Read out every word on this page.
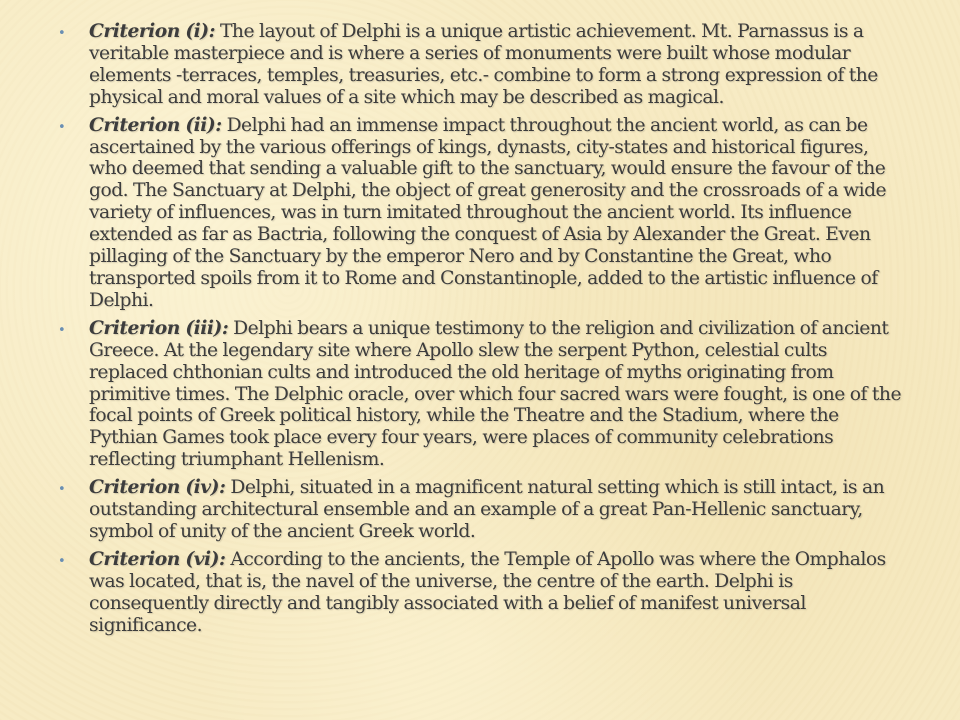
• Criterion (i): The layout of Delphi is a unique artistic achievement. Mt. Parnassus is a veritable masterpiece and is where a series of monuments were built whose modular elements -terraces, temples, treasuries, etc.- combine to form a strong expression of the physical and moral values of a site which may be described as magical.
• Criterion (ii): Delphi had an immense impact throughout the ancient world, as can be ascertained by the various offerings of kings, dynasts, city-states and historical figures, who deemed that sending a valuable gift to the sanctuary, would ensure the favour of the god. The Sanctuary at Delphi, the object of great generosity and the crossroads of a wide variety of influences, was in turn imitated throughout the ancient world. Its influence extended as far as Bactria, following the conquest of Asia by Alexander the Great. Even pillaging of the Sanctuary by the emperor Nero and by Constantine the Great, who transported spoils from it to Rome and Constantinople, added to the artistic influence of Delphi.
• Criterion (iii): Delphi bears a unique testimony to the religion and civilization of ancient Greece. At the legendary site where Apollo slew the serpent Python, celestial cults replaced chthonian cults and introduced the old heritage of myths originating from primitive times. The Delphic oracle, over which four sacred wars were fought, is one of the focal points of Greek political history, while the Theatre and the Stadium, where the Pythian Games took place every four years, were places of community celebrations reflecting triumphant Hellenism.
• Criterion (iv): Delphi, situated in a magnificent natural setting which is still intact, is an outstanding architectural ensemble and an example of a great Pan-Hellenic sanctuary, symbol of unity of the ancient Greek world.
• Criterion (vi): According to the ancients, the Temple of Apollo was where the Omphalos was located, that is, the navel of the universe, the centre of the earth. Delphi is consequently directly and tangibly associated with a belief of manifest universal significance.
